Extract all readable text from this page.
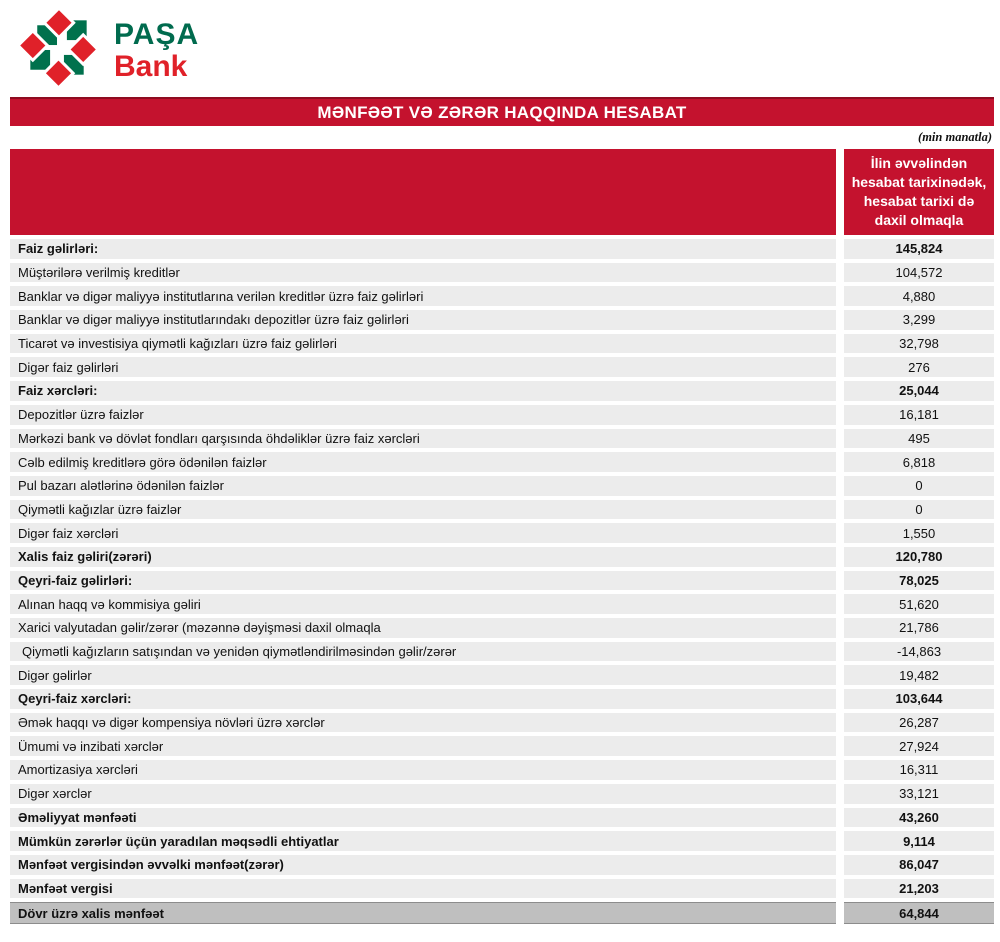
PAŞA
Bank
MƏNFƏƏT VƏ ZƏRƏR HAQQINDA HESABAT
(min manatla)
İlin əvvəlindən hesabat tarixinədək, hesabat tarixi də daxil olmaqla
Faiz gəlirləri:	145,824
Müştərilərə verilmiş kreditlər	104,572
Banklar və digər maliyyə institutlarına verilən kreditlər üzrə faiz gəlirləri	4,880
Banklar və digər maliyyə institutlarındakı depozitlər üzrə faiz gəlirləri	3,299
Ticarət və investisiya qiymətli kağızları üzrə faiz gəlirləri	32,798
Digər faiz gəlirləri	276
Faiz xərcləri:	25,044
Depozitlər üzrə faizlər	16,181
Mərkəzi bank və dövlət fondları qarşısında öhdəliklər üzrə faiz xərcləri	495
Cəlb edilmiş kreditlərə görə ödənilən faizlər	6,818
Pul bazarı alətlərinə ödənilən faizlər	0
Qiymətli kağızlar üzrə faizlər	0
Digər faiz xərcləri	1,550
Xalis faiz gəliri(zərəri)	120,780
Qeyri-faiz gəlirləri:	78,025
Alınan haqq və kommisiya gəliri	51,620
Xarici valyutadan gəlir/zərər (məzənnə dəyişməsi daxil olmaqla	21,786
Qiymətli kağızların satışından və yenidən qiymətləndirilməsindən gəlir/zərər	-14,863
Digər gəlirlər	19,482
Qeyri-faiz xərcləri:	103,644
Əmək haqqı və digər kompensiya növləri üzrə xərclər	26,287
Ümumi və inzibati xərclər	27,924
Amortizasiya xərcləri	16,311
Digər xərclər	33,121
Əməliyyat mənfəəti	43,260
Mümkün zərərlər üçün yaradılan məqsədli ehtiyatlar	9,114
Mənfəət vergisindən əvvəlki mənfəət(zərər)	86,047
Mənfəət vergisi	21,203
Dövr üzrə xalis mənfəət	64,844
